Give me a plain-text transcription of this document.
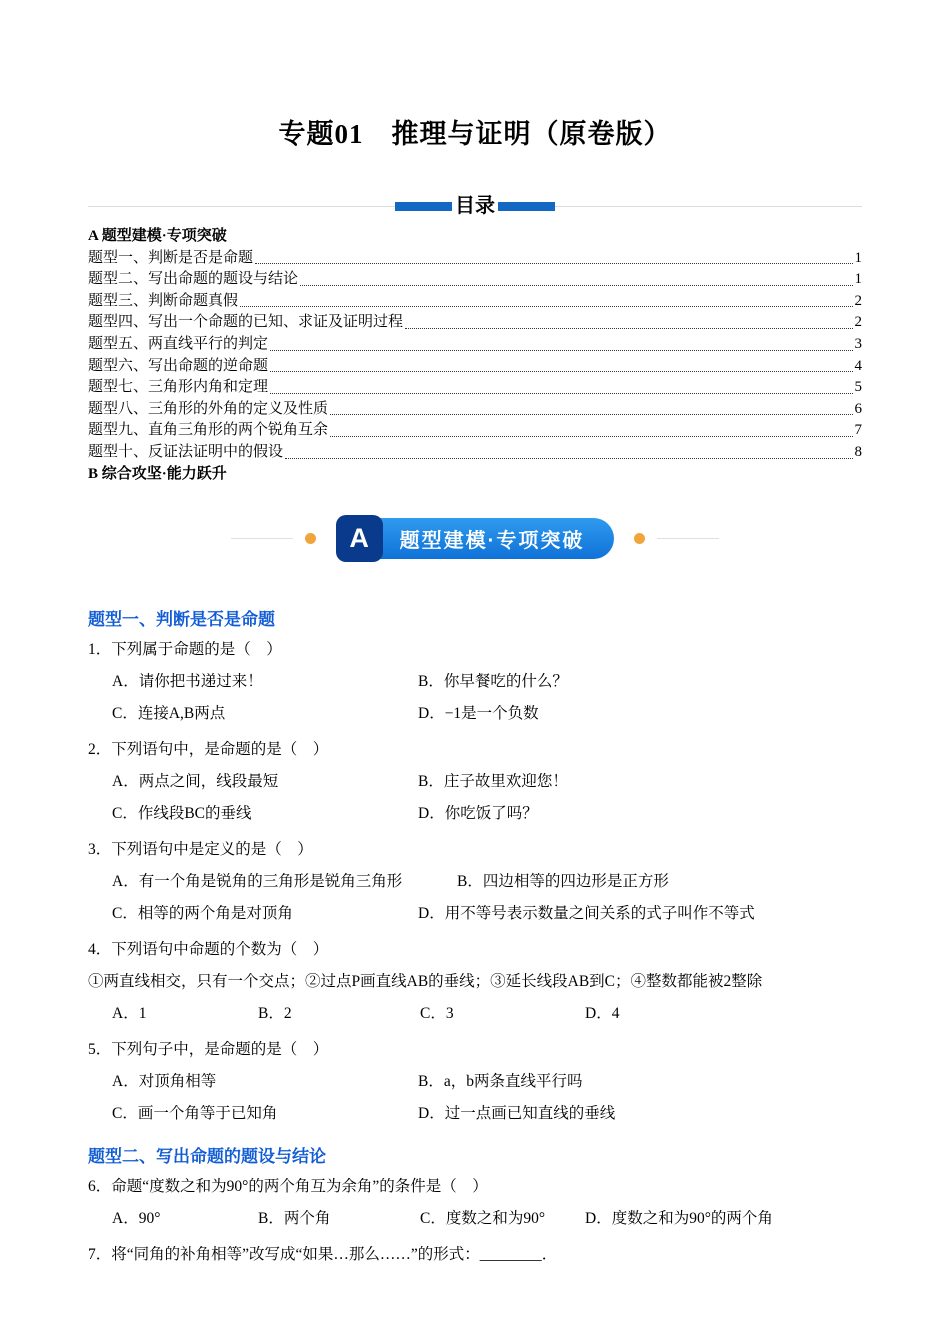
专题01　推理与证明（原卷版）
目录
A 题型建模·专项突破
题型一、判断是否是命题	1
题型二、写出命题的题设与结论	1
题型三、判断命题真假	2
题型四、写出一个命题的已知、求证及证明过程	2
题型五、两直线平行的判定	3
题型六、写出命题的逆命题	4
题型七、三角形内角和定理	5
题型八、三角形的外角的定义及性质	6
题型九、直角三角形的两个锐角互余	7
题型十、反证法证明中的假设	8
B 综合攻坚·能力跃升
A	题型建模·专项突破
题型一、判断是否是命题
1．下列属于命题的是（　）
A．请你把书递过来！	B．你早餐吃的什么？
C．连接A,B两点	D．−1是一个负数
2．下列语句中，是命题的是（　）
A．两点之间，线段最短	B．庄子故里欢迎您！
C．作线段BC的垂线	D．你吃饭了吗？
3．下列语句中是定义的是（　）
A．有一个角是锐角的三角形是锐角三角形	B．四边相等的四边形是正方形
C．相等的两个角是对顶角	D．用不等号表示数量之间关系的式子叫作不等式
4．下列语句中命题的个数为（　）
①两直线相交，只有一个交点；②过点P画直线AB的垂线；③延长线段AB到C；④整数都能被2整除
A．1	B．2	C．3	D．4
5．下列句子中，是命题的是（　）
A．对顶角相等	B．a，b两条直线平行吗
C．画一个角等于已知角	D．过一点画已知直线的垂线
题型二、写出命题的题设与结论
6．命题“度数之和为90°的两个角互为余角”的条件是（　）
A．90°	B．两个角	C．度数之和为90°	D．度数之和为90°的两个角
7．将“同角的补角相等”改写成“如果…那么……”的形式：________．
